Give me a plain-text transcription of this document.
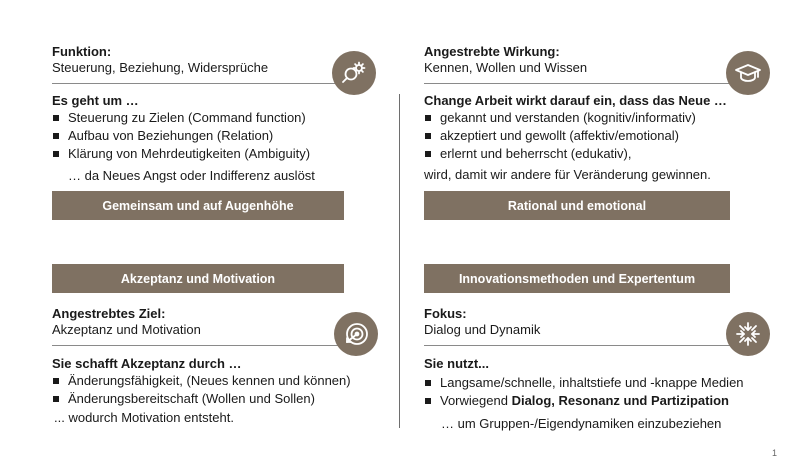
Funktion:
Steuerung, Beziehung, Widersprüche
Es geht um …
Steuerung zu Zielen (Command function)
Aufbau von Beziehungen (Relation)
Klärung von Mehrdeutigkeiten (Ambiguity)
… da Neues Angst oder Indifferenz auslöst
Gemeinsam und auf Augenhöhe
Angestrebte Wirkung:
Kennen, Wollen und Wissen
Change Arbeit wirkt darauf ein, dass das Neue …
gekannt und verstanden (kognitiv/informativ)
akzeptiert und gewollt (affektiv/emotional)
erlernt und beherrscht (edukativ),
wird, damit wir andere für Veränderung gewinnen.
Rational und emotional
Akzeptanz und Motivation
Angestrebtes Ziel:
Akzeptanz und Motivation
Sie schafft Akzeptanz durch …
Änderungsfähigkeit, (Neues kennen und können)
Änderungsbereitschaft (Wollen und Sollen)
... wodurch Motivation entsteht.
Innovationsmethoden und Expertentum
Fokus:
Dialog und Dynamik
Sie nutzt...
Langsame/schnelle, inhaltstiefe und -knappe Medien
Vorwiegend Dialog, Resonanz und Partizipation
… um Gruppen-/Eigendynamiken einzubeziehen
1
